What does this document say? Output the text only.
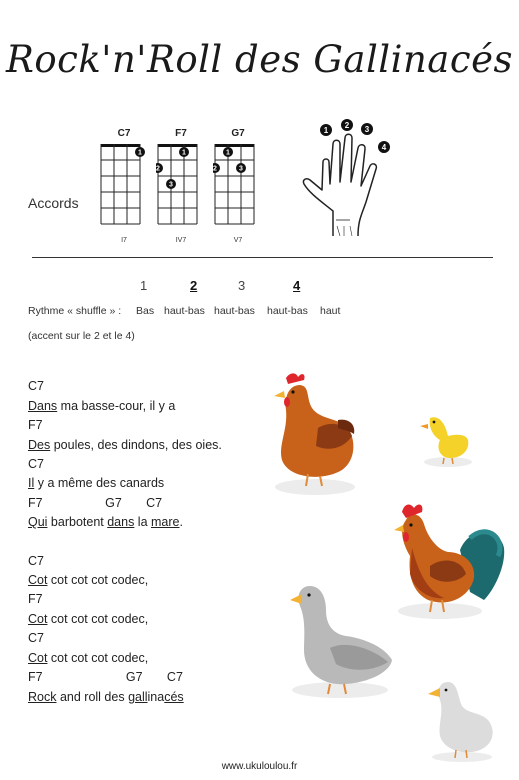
Rock'n'Roll des Gallinacés
Accords
C7
1
I7
F7
2
3
1
IV7
G7
2
1
3
V7
1
2 3
4
1	2	3	4
Rythme « shuffle » : Bas haut-bas haut-bas haut-bas haut
(accent sur le 2 et le 4)
C7
Dans ma basse-cour, il y a
F7
Des poules, des dindons, des oies.
C7
Il y a même des canards
F7                  G7       C7
Qui barbotent dans la mare.
C7
Cot cot cot cot codec,
F7
Cot cot cot cot codec,
C7
Cot cot cot cot codec,
F7                        G7       C7
Rock and roll des gallinacés
www.ukuloulou.fr
